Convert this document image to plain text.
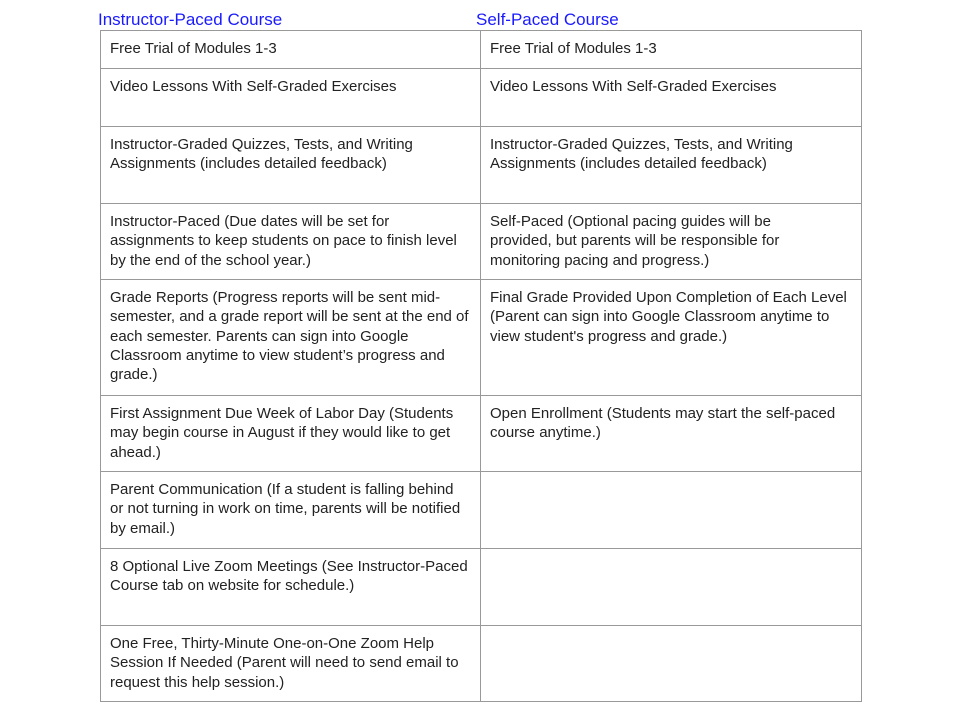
Instructor-Paced Course	Self-Paced Course
Free Trial of Modules 1-3	Free Trial of Modules 1-3
Video Lessons With Self-Graded Exercises	Video Lessons With Self-Graded Exercises
Instructor-Graded Quizzes, Tests, and Writing Assignments (includes detailed feedback)	Instructor-Graded Quizzes, Tests, and Writing Assignments (includes detailed feedback)
Instructor-Paced (Due dates will be set for assignments to keep students on pace to finish level by the end of the school year.)	Self-Paced (Optional pacing guides will be provided, but parents will be responsible for monitoring pacing and progress.)
Grade Reports (Progress reports will be sent mid-semester, and a grade report will be sent at the end of each semester. Parents can sign into Google Classroom anytime to view student’s progress and grade.)	Final Grade Provided Upon Completion of Each Level (Parent can sign into Google Classroom anytime to view student's progress and grade.)
First Assignment Due Week of Labor Day (Students may begin course in August if they would like to get ahead.)	Open Enrollment (Students may start the self-paced course anytime.)
Parent Communication (If a student is falling behind or not turning in work on time, parents will be notified by email.)	
8 Optional Live Zoom Meetings (See Instructor-Paced Course tab on website for schedule.)	
One Free, Thirty-Minute One-on-One Zoom Help Session If Needed (Parent will need to send email to request this help session.)	
